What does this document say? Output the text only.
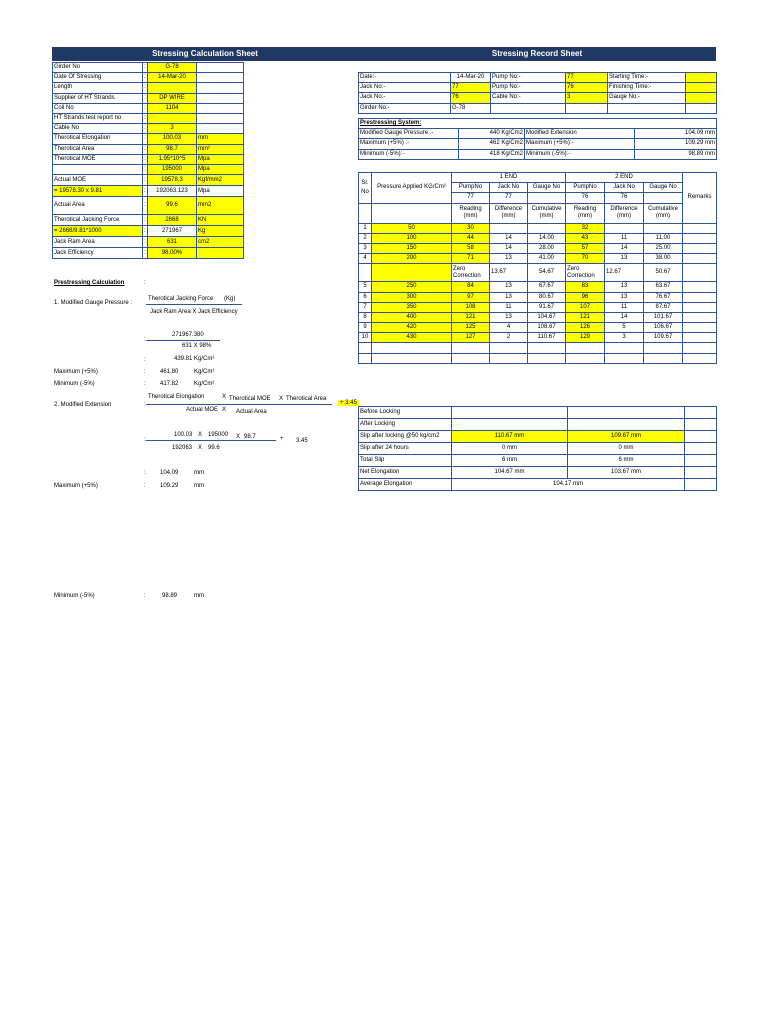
Stressing Calculation Sheet	Stressing Record Sheet
Girder No	:	G-78		
Date Of Stressing	:	14-Mar-20		
Length	:			
Supplier of HT Strands	:	DP WIRE		
Coil No	:	1104		
HT Strands test report no	:			
Cable No	:	3		
Therotical Elongation	:	100.03	mm	
Therotical Area	:	98.7	mm²	
Therotical MOE	:	1.95*10^5	Mpa	
	:	195000	Mpa	
Actual MOE	:	19578.3	Kgf/mm2	
= 19578.30 x 9.81	:	192063.123	Mpa	
Actual Area	:	99.6	mm2	
Therotical Jacking Force	:	2668	KN	
= 2668/9.81*1000	:	271967	Kg	
Jack Ram Area	:	631	cm2	
Jack Efficiency	:	98.00%		
Prestressing Calculation	:
1. Modified Gauge Pressure :
Therotical Jacking Force (Kg)
Jack Ram Area X Jack Efficiency
271967.380
631 X 98%
:
:	439.81 Kg/Cm²
Maximum (+5%)	: 461.80	Kg/Cm²
Minimum (-5%)	: 417.82	Kg/Cm²
2. Modified Extension	:
Therotical Elongation	X Therotical MOE X Therotical Area
Actual MOE X Actual Area
+ 3.45
100.03 X 195000 X 98.7
:
192063 X 99.6
+ 3.45
: 104.09	mm
Maximum (+5%)	: 109.29	mm
Minimum (-5%)	:	98.89	mm
Date:-	14-Mar-20	Pump No:-	77	Starting Time:-	
Jack No:-	77	Pump No:-	76	Finishing Time:-	
Jack No:-	76	Cable No:-	3	Gauge No:-	
Girder No:-	G-78				
Prestressing System:			
Modified Gauge Pressure :-	440 Kg/Cm2	Modified Extension	104.09 mm
Maximum (+5%) :-	462 Kg/Cm2	Maximum (+5%):-	109.29 mm
Minimum (-5%):-	418 Kg/Cm2	Minimum (-5%):-	98.89 mm
Sr. No	Pressure Applied KG/Cm²	1 END			2 END			Remarks
		PumpNo	Jack No	Gauge No	PumpNo	Jack No	Gauge No	
		77	77		76	76		
		Reading (mm)	Difference (mm)	Cumulative (mm)	Reading (mm)	Difference (mm)	Cumulative (mm)	
1	50	30			32			
2	100	44	14	14.00	43	11	11.00	
3	150	58	14	28.00	57	14	25.00	
4	200	71	13	41.00	70	13	38.00	
		Zero Correction	13.67	54.67	Zero Correction	12.67	50.67	
5	250	84	13	67.67	83	13	63.67	
6	300	97	13	80.67	96	13	76.67	
7	350	108	11	91.67	107	11	87.67	
8	400	121	13	104.67	121	14	101.67	
9	420	125	4	108.67	126	5	106.67	
10	430	127	2	110.67	129	3	109.67	

Before Locking			
After Locking			
Slip after locking @50 kg/cm2	110.67 mm	109.67 mm	
Slip after 24 hours	0 mm	0 mm	
Total Slip	6 mm	6 mm	
Net Elongation	104.67 mm	103.67 mm	
Average Elongation	104.17 mm		
